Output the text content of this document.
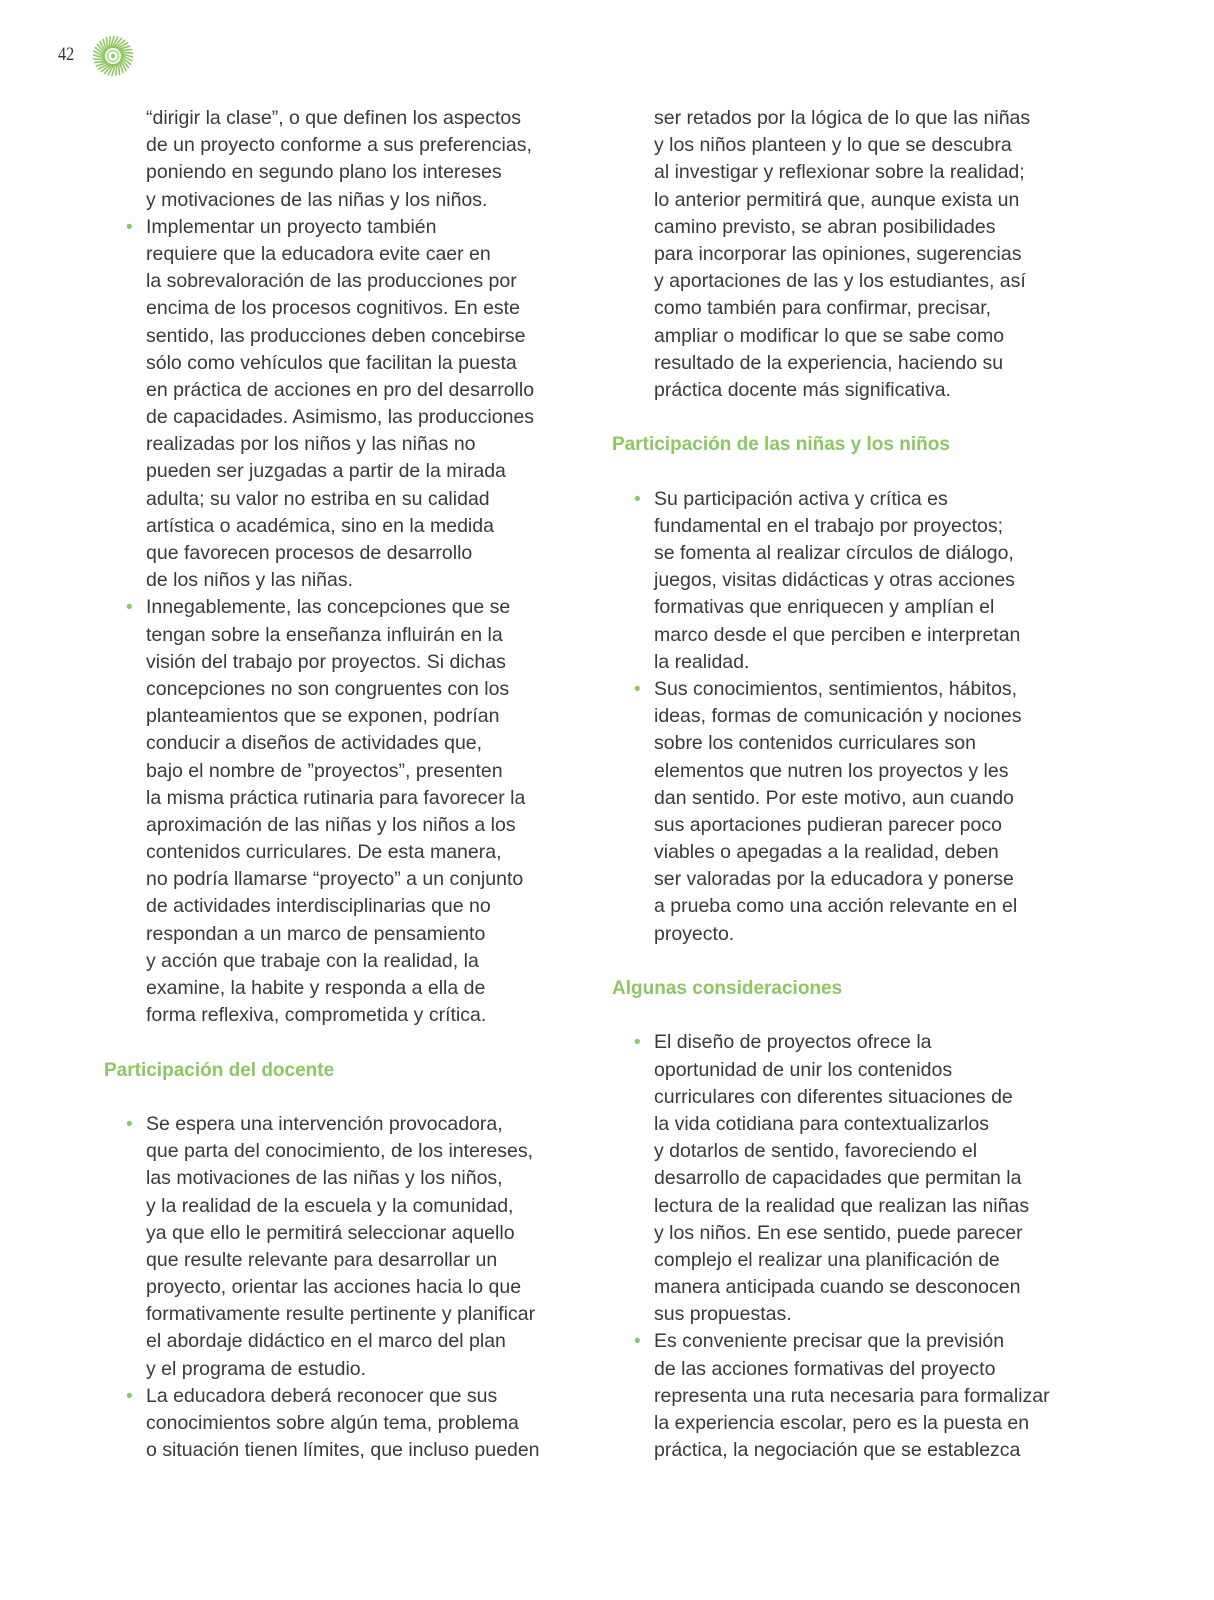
42
“dirigir la clase”, o que definen los aspectos
de un proyecto conforme a sus preferencias,
poniendo en segundo plano los intereses
y motivaciones de las niñas y los niños.
• Implementar un proyecto también
requiere que la educadora evite caer en
la sobrevaloración de las producciones por
encima de los procesos cognitivos. En este
sentido, las producciones deben concebirse
sólo como vehículos que facilitan la puesta
en práctica de acciones en pro del desarrollo
de capacidades. Asimismo, las producciones
realizadas por los niños y las niñas no
pueden ser juzgadas a partir de la mirada
adulta; su valor no estriba en su calidad
artística o académica, sino en la medida
que favorecen procesos de desarrollo
de los niños y las niñas.
• Innegablemente, las concepciones que se
tengan sobre la enseñanza influirán en la
visión del trabajo por proyectos. Si dichas
concepciones no son congruentes con los
planteamientos que se exponen, podrían
conducir a diseños de actividades que,
bajo el nombre de ”proyectos”, presenten
la misma práctica rutinaria para favorecer la
aproximación de las niñas y los niños a los
contenidos curriculares. De esta manera,
no podría llamarse “proyecto” a un conjunto
de actividades interdisciplinarias que no
respondan a un marco de pensamiento
y acción que trabaje con la realidad, la
examine, la habite y responda a ella de
forma reflexiva, comprometida y crítica.
Participación del docente
• Se espera una intervención provocadora,
que parta del conocimiento, de los intereses,
las motivaciones de las niñas y los niños,
y la realidad de la escuela y la comunidad,
ya que ello le permitirá seleccionar aquello
que resulte relevante para desarrollar un
proyecto, orientar las acciones hacia lo que
formativamente resulte pertinente y planificar
el abordaje didáctico en el marco del plan
y el programa de estudio.
• La educadora deberá reconocer que sus
conocimientos sobre algún tema, problema
o situación tienen límites, que incluso pueden
ser retados por la lógica de lo que las niñas
y los niños planteen y lo que se descubra
al investigar y reflexionar sobre la realidad;
lo anterior permitirá que, aunque exista un
camino previsto, se abran posibilidades
para incorporar las opiniones, sugerencias
y aportaciones de las y los estudiantes, así
como también para confirmar, precisar,
ampliar o modificar lo que se sabe como
resultado de la experiencia, haciendo su
práctica docente más significativa.
Participación de las niñas y los niños
• Su participación activa y crítica es
fundamental en el trabajo por proyectos;
se fomenta al realizar círculos de diálogo,
juegos, visitas didácticas y otras acciones
formativas que enriquecen y amplían el
marco desde el que perciben e interpretan
la realidad.
• Sus conocimientos, sentimientos, hábitos,
ideas, formas de comunicación y nociones
sobre los contenidos curriculares son
elementos que nutren los proyectos y les
dan sentido. Por este motivo, aun cuando
sus aportaciones pudieran parecer poco
viables o apegadas a la realidad, deben
ser valoradas por la educadora y ponerse
a prueba como una acción relevante en el
proyecto.
Algunas consideraciones
• El diseño de proyectos ofrece la
oportunidad de unir los contenidos
curriculares con diferentes situaciones de
la vida cotidiana para contextualizarlos
y dotarlos de sentido, favoreciendo el
desarrollo de capacidades que permitan la
lectura de la realidad que realizan las niñas
y los niños. En ese sentido, puede parecer
complejo el realizar una planificación de
manera anticipada cuando se desconocen
sus propuestas.
• Es conveniente precisar que la previsión
de las acciones formativas del proyecto
representa una ruta necesaria para formalizar
la experiencia escolar, pero es la puesta en
práctica, la negociación que se establezca
